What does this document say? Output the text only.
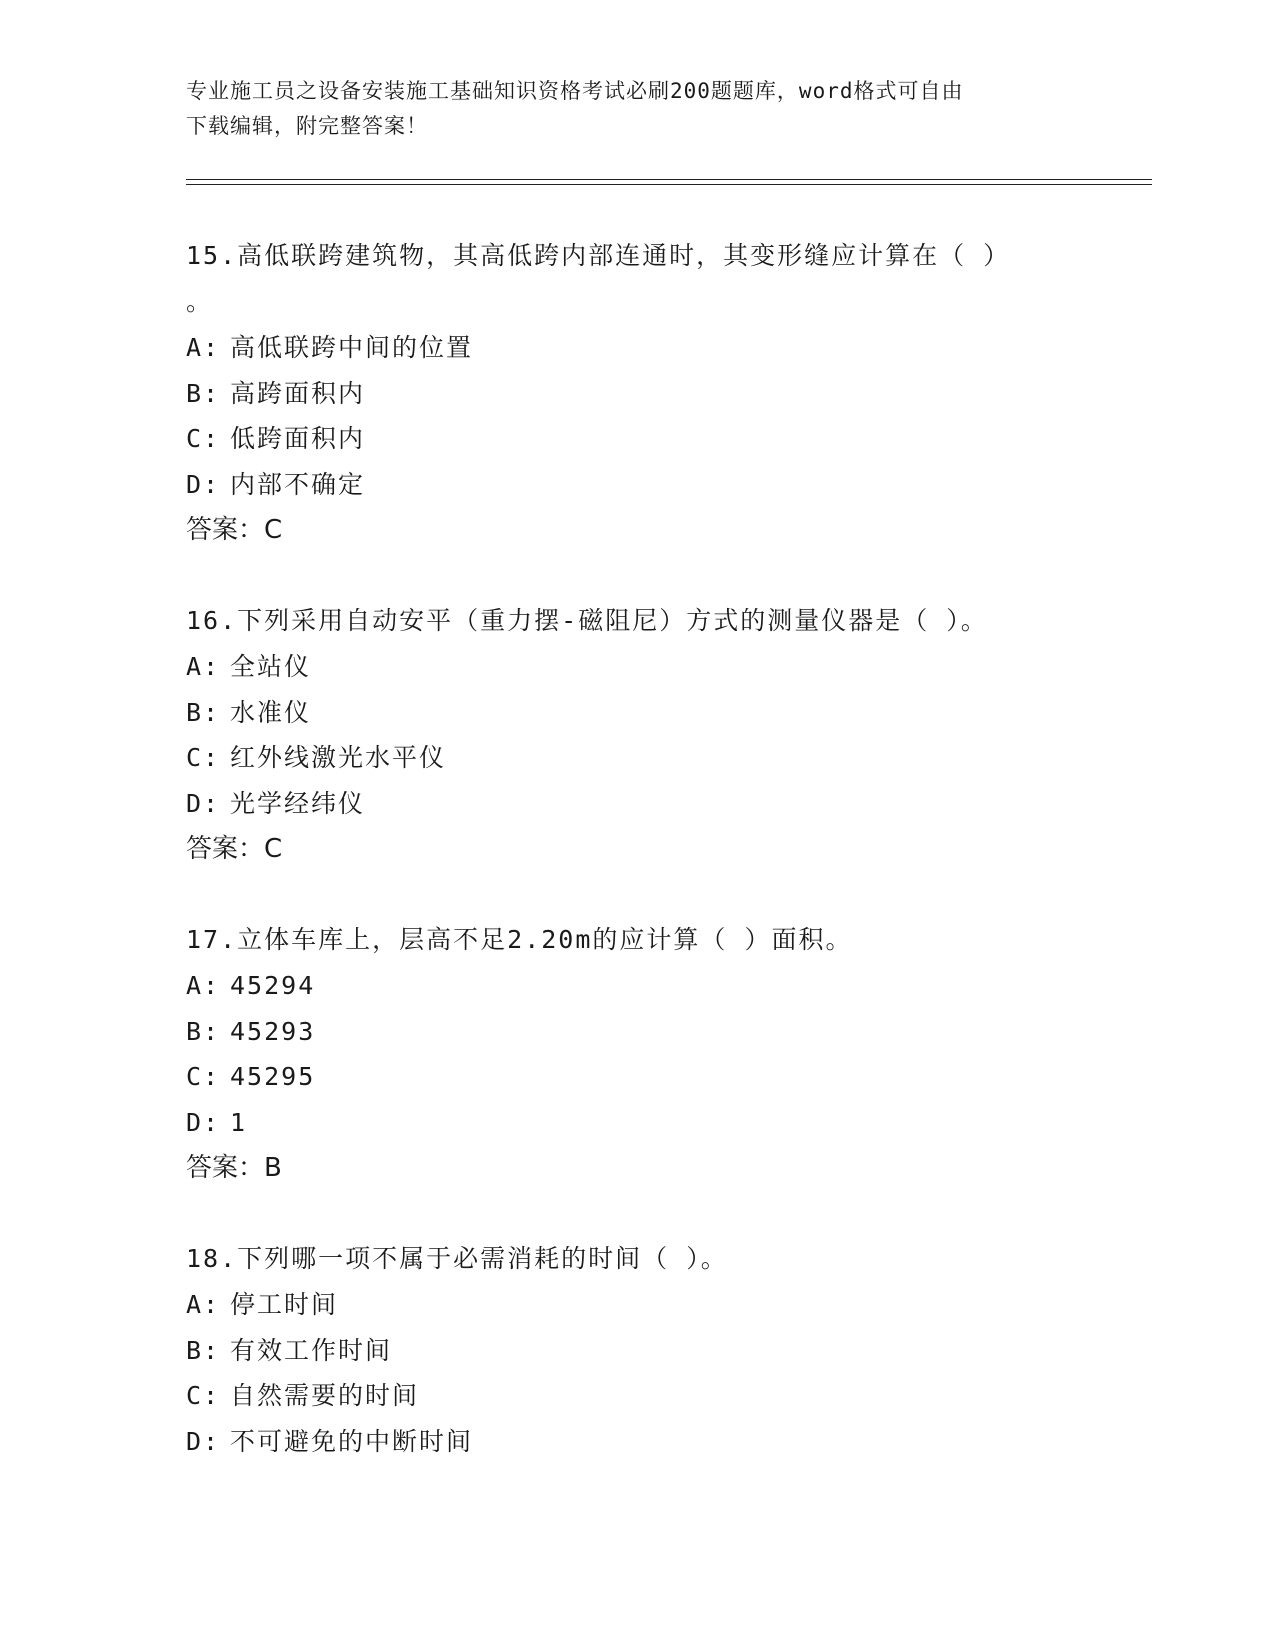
专业施工员之设备安装施工基础知识资格考试必刷200题题库，word格式可自由
下载编辑，附完整答案！

15.高低联跨建筑物，其高低跨内部连通时，其变形缝应计算在（ ）

。

A: 高低联跨中间的位置
B: 高跨面积内
C: 低跨面积内
D: 内部不确定
答案：C

16.下列采用自动安平（重力摆-磁阻尼）方式的测量仪器是（ ）。

A: 全站仪
B: 水准仪
C: 红外线激光水平仪
D: 光学经纬仪
答案：C

17.立体车库上，层高不足2.20m的应计算（ ）面积。

A: 45294
B: 45293
C: 45295
D: 1
答案：B

18.下列哪一项不属于必需消耗的时间（ ）。

A: 停工时间
B: 有效工作时间
C: 自然需要的时间
D: 不可避免的中断时间
